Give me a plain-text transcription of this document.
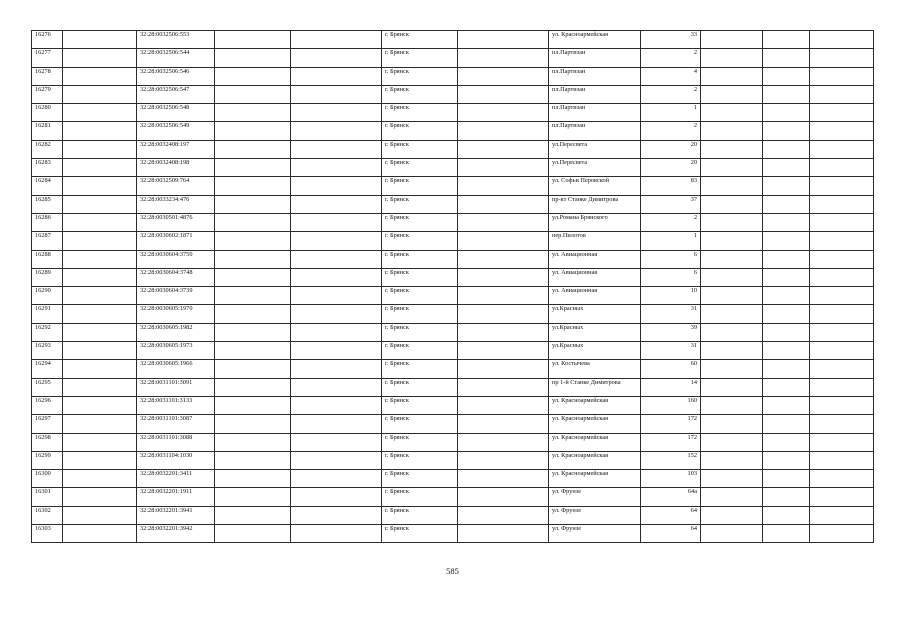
16276		32:28:0032506:553			г. Брянск		ул. Красноармейская	33			
16277		32:28:0032506:544			г. Брянск		пл.Партизан	2			
16278		32:28:0032506:546			г. Брянск		пл.Партизан	4			
16279		32:28:0032506:547			г. Брянск		пл.Партизан	2			
16280		32:28:0032506:548			г. Брянск		пл.Партизан	1			
16281		32:28:0032506:549			г. Брянск		пл.Партизан	2			
16282		32:28:0032408:197			г. Брянск		ул.Пересвета	20			
16283		32:28:0032408:198			г. Брянск		ул.Пересвета	20			
16284		32:28:0032509:764			г. Брянск		ул. Софьи Перовской	83			
16285		32:28:0033234:476			г. Брянск		пр-кт Станке Димитрова	37			
16286		32:28:0030501:4876			г. Брянск		ул.Романа Брянского	2			
16287		32:28:0030602:1871			г. Брянск		пер.Пилотов	1			
16288		32:28:0030604:3750			г. Брянск		ул. Авиационная	6			
16289		32:28:0030604:3748			г. Брянск		ул. Авиационная	6			
16290		32:28:0030604:3739			г. Брянск		ул. Авиационная	10			
16291		32:28:0030605:1970			г. Брянск		ул.Красных	31			
16292		32:28:0030605:1982			г. Брянск		ул.Красных	39			
16293		32:28:0030605:1973			г. Брянск		ул.Красных	31			
16294		32:28:0030605:1966			г. Брянск		ул. Костычева	60			
16295		32:28:0031101:3091			г. Брянск		пр 1-й Станке Димитрова	14			
16296		32:28:0031101:3133			г. Брянск		ул. Красноармейская	160			
16297		32:28:0031101:3087			г. Брянск		ул. Красноармейская	172			
16298		32:28:0031101:3088			г. Брянск		ул. Красноармейская	172			
16299		32:28:0031104:1030			г. Брянск		ул. Красноармейская	152			
16300		32:28:0032201:3411			г. Брянск		ул. Красноармейская	103			
16301		32:28:0032201:1911			г. Брянск		ул. Фрунзе	64а			
16302		32:28:0032201:3941			г. Брянск		ул. Фрунзе	64			
16303		32:28:0032201:3942			г. Брянск		ул. Фрунзе	64			
585
